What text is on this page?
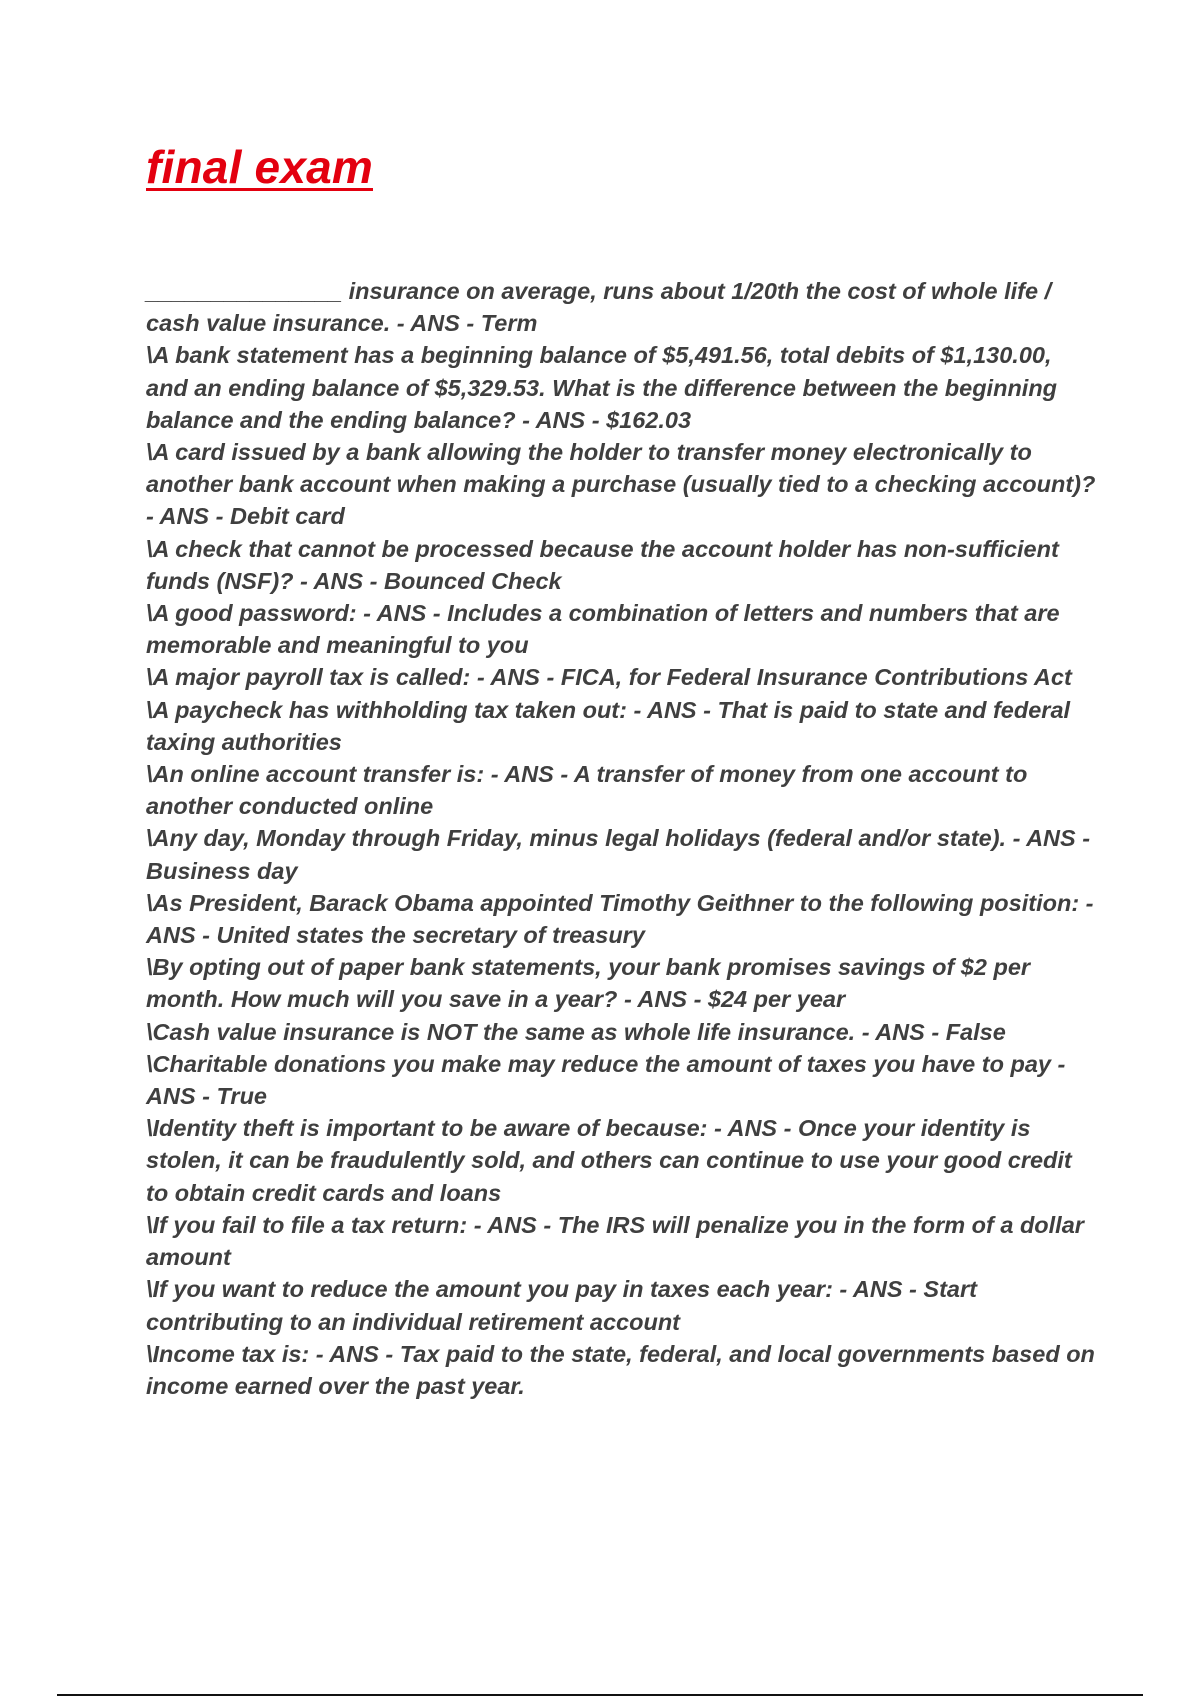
final exam
_______________ insurance on average, runs about 1/20th the cost of whole life / cash value insurance. - ANS - Term
\A bank statement has a beginning balance of $5,491.56, total debits of $1,130.00, and an ending balance of $5,329.53. What is the difference between the beginning balance and the ending balance? - ANS - $162.03
\A card issued by a bank allowing the holder to transfer money electronically to another bank account when making a purchase (usually tied to a checking account)? - ANS - Debit card
\A check that cannot be processed because the account holder has non-sufficient funds (NSF)? - ANS - Bounced Check
\A good password: - ANS - Includes a combination of letters and numbers that are memorable and meaningful to you
\A major payroll tax is called: - ANS - FICA, for Federal Insurance Contributions Act
\A paycheck has withholding tax taken out: - ANS - That is paid to state and federal taxing authorities
\An online account transfer is: - ANS - A transfer of money from one account to another conducted online
\Any day, Monday through Friday, minus legal holidays (federal and/or state). - ANS - Business day
\As President, Barack Obama appointed Timothy Geithner to the following position: - ANS - United states the secretary of treasury
\By opting out of paper bank statements, your bank promises savings of $2 per month. How much will you save in a year? - ANS - $24 per year
\Cash value insurance is NOT the same as whole life insurance. - ANS - False
\Charitable donations you make may reduce the amount of taxes you have to pay - ANS - True
\Identity theft is important to be aware of because: - ANS - Once your identity is stolen, it can be fraudulently sold, and others can continue to use your good credit to obtain credit cards and loans
\If you fail to file a tax return: - ANS - The IRS will penalize you in the form of a dollar amount
\If you want to reduce the amount you pay in taxes each year: - ANS - Start contributing to an individual retirement account
\Income tax is: - ANS - Tax paid to the state, federal, and local governments based on income earned over the past year.
